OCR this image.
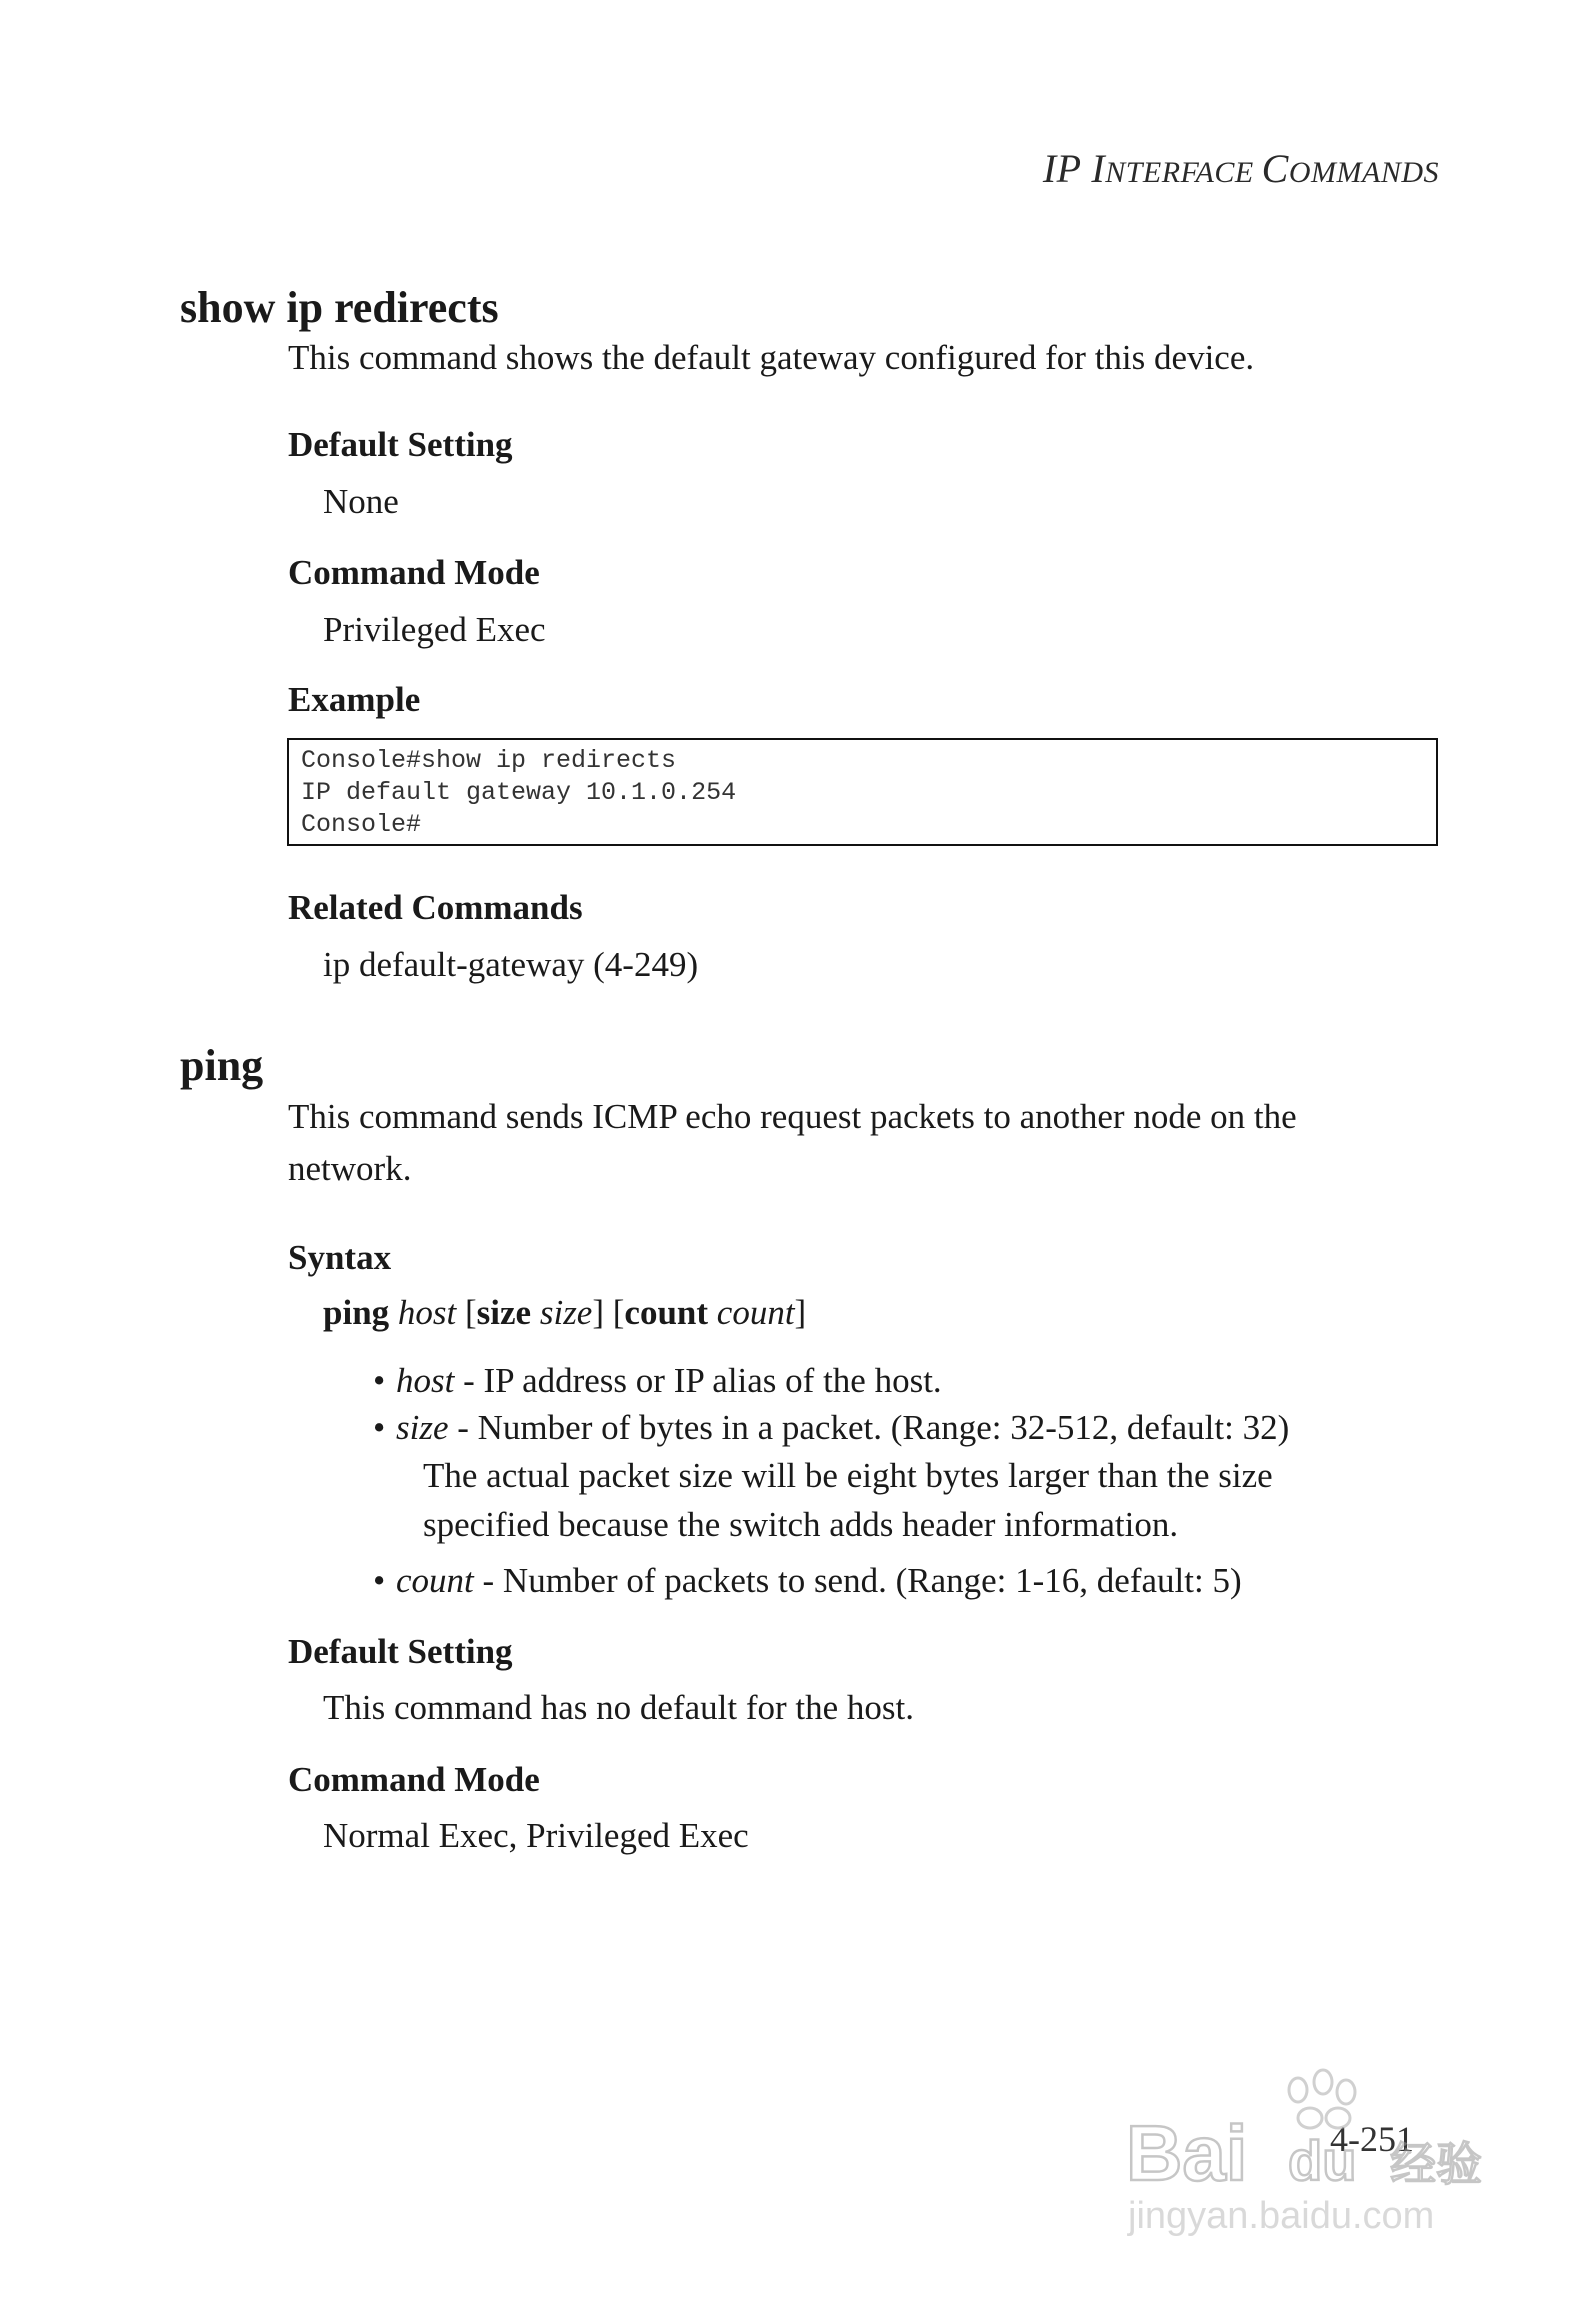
IP INTERFACE COMMANDS
show ip redirects
This command shows the default gateway configured for this device.
Default Setting
None
Command Mode
Privileged Exec
Example
Console#show ip redirects
IP default gateway 10.1.0.254
Console#
Related Commands
ip default-gateway (4-249)
ping
This command sends ICMP echo request packets to another node on the
network.
Syntax
ping host [size size] [count count]
• host - IP address or IP alias of the host.
• size - Number of bytes in a packet. (Range: 32-512, default: 32)
The actual packet size will be eight bytes larger than the size
specified because the switch adds header information.
• count - Number of packets to send. (Range: 1-16, default: 5)
Default Setting
This command has no default for the host.
Command Mode
Normal Exec, Privileged Exec
4-251
Bai du 经验
jingyan.baidu.com
